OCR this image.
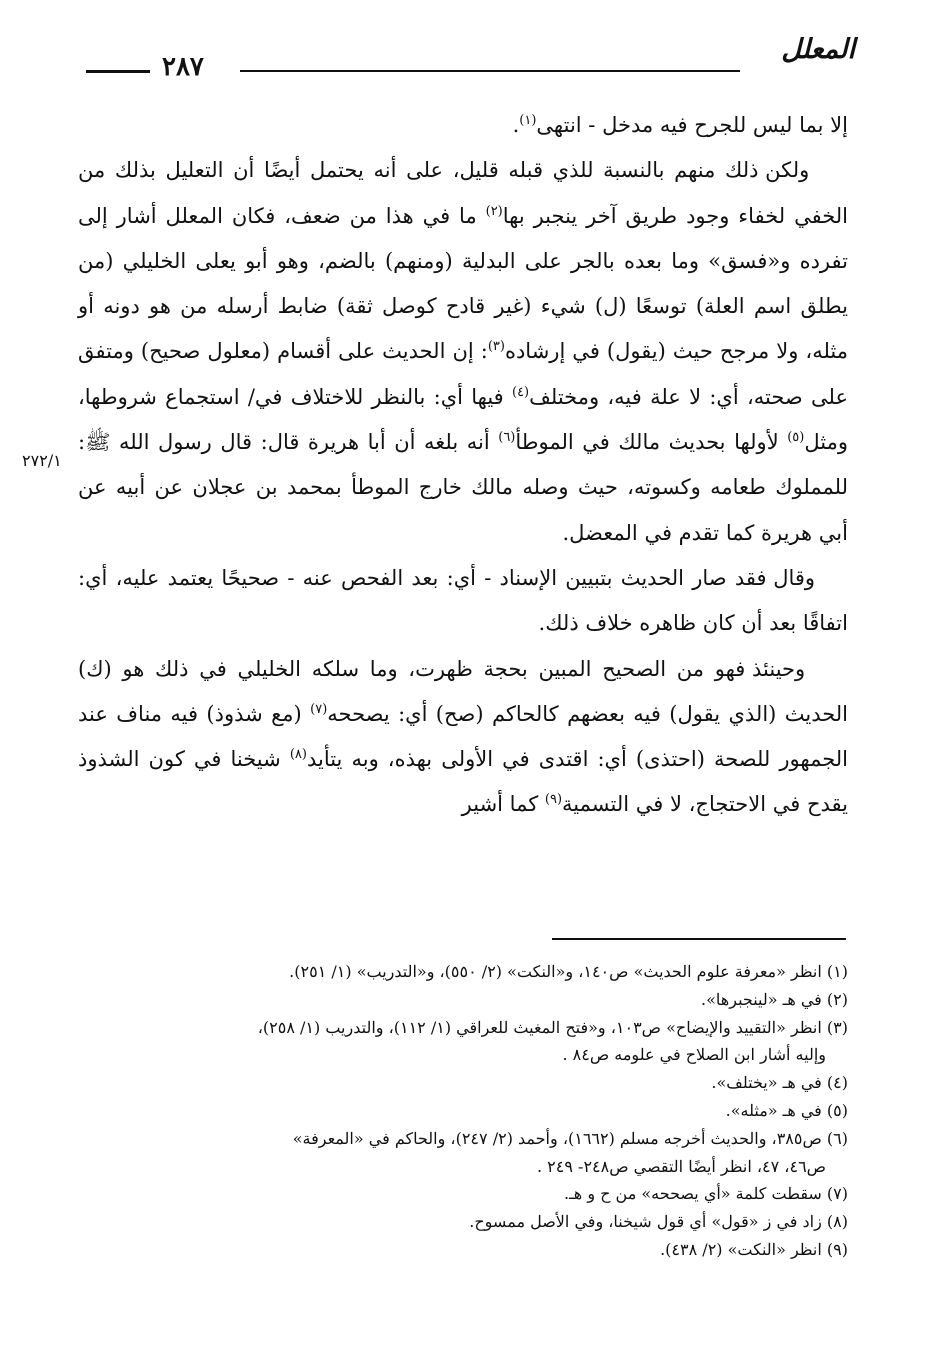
المعلل
٢٨٧
٢٧٢/١

إلا بما ليس للجرح فيه مدخل - انتهى$^{(١)}$.

ولكن ذلك منهم بالنسبة للذي قبله قليل، على أنه يحتمل أيضًا أن التعليل بذلك من الخفي لخفاء وجود طريق آخر ينجبر بها$^{(٢)}$ ما في هذا من ضعف، فكان المعلل أشار إلى تفرده و«فسق» وما بعده بالجر على البدلية (ومنهم) بالضم، وهو أبو يعلى الخليلي (من يطلق اسم العلة) توسعًا (ل) شيء (غير قادح كوصل ثقة) ضابط أرسله من هو دونه أو مثله، ولا مرجح حيث (يقول) في إرشاده$^{(٣)}$: إن الحديث على أقسام (معلول صحيح) ومتفق على صحته، أي: لا علة فيه، ومختلف$^{(٤)}$ فيها أي: بالنظر للاختلاف في/ استجماع شروطها، ومثل$^{(٥)}$ لأولها بحديث مالك في الموطأ$^{(٦)}$ أنه بلغه أن أبا هريرة قال: قال رسول الله ﷺ: للمملوك طعامه وكسوته، حيث وصله مالك خارج الموطأ بمحمد بن عجلان عن أبيه عن أبي هريرة كما تقدم في المعضل.

وقال فقد صار الحديث بتبيين الإسناد - أي: بعد الفحص عنه - صحيحًا يعتمد عليه، أي: اتفاقًا بعد أن كان ظاهره خلاف ذلك.

وحينئذ فهو من الصحيح المبين بحجة ظهرت، وما سلكه الخليلي في ذلك هو (ك) الحديث (الذي يقول) فيه بعضهم كالحاكم (صح) أي: يصححه$^{(٧)}$ (مع شذوذ) فيه مناف عند الجمهور للصحة (احتذى) أي: اقتدى في الأولى بهذه، وبه يتأيد$^{(٨)}$ شيخنا في كون الشذوذ يقدح في الاحتجاج، لا في التسمية$^{(٩)}$ كما أشير

(١) انظر «معرفة علوم الحديث» ص١٤٠، و«النكت» (٢/ ٥٥٠)، و«التدريب» (١/ ٢٥١).

(٢) في هـ «لينجبرها».

(٣) انظر «التقييد والإيضاح» ص١٠٣، و«فتح المغيث للعراقي (١/ ١١٢)، والتدريب (١/ ٢٥٨)،

وإليه أشار ابن الصلاح في علومه ص٨٤ .

(٤) في هـ «يختلف».

(٥) في هـ «مثله».

(٦) ص٣٨٥، والحديث أخرجه مسلم (١٦٦٢)، وأحمد (٢/ ٢٤٧)، والحاكم في «المعرفة»

ص٤٦، ٤٧، انظر أيضًا التقصي ص٢٤٨- ٢٤٩ .

(٧) سقطت كلمة «أي يصححه» من ح و هـ.

(٨) زاد في ز «قول» أي قول شيخنا، وفي الأصل ممسوح.

(٩) انظر «النكت» (٢/ ٤٣٨).
